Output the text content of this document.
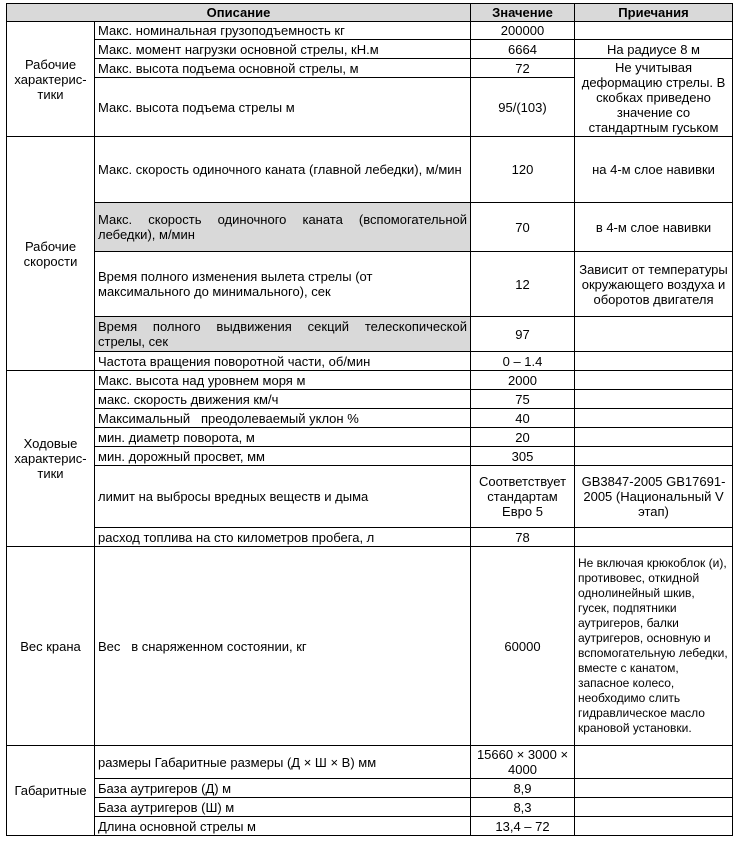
Описание		Значение	Приечания
Рабочие характерис-тики	Макс. номинальная грузоподъемность кг	200000	
	Макс. момент нагрузки основной стрелы, кН.м	6664	На радиусе 8 м
	Макс. высота подъема основной стрелы, м	72	Не учитывая деформацию стрелы. В скобках приведено значение со стандартным гуськом
	Макс. высота подъема стрелы м	95/(103)	
Рабочие скорости	Макс. скорость одиночного каната (главной лебедки), м/мин	120	на 4-м слое навивки
	Макс. скорость одиночного каната (вспомогательной лебедки), м/мин	70	в 4-м слое навивки
	Время полного изменения вылета стрелы (от максимального до минимального), сек	12	Зависит от температуры окружающего воздуха и оборотов двигателя
	Время полного выдвижения секций телескопической стрелы, сек	97	
	Частота вращения поворотной части, об/мин	0 – 1.4	
Ходовые характерис-тики	Макс. высота над уровнем моря м	2000	
	макс. скорость движения км/ч	75	
	Максимальный   преодолеваемый уклон %	40	
	мин. диаметр поворота, м	20	
	мин. дорожный просвет, мм	305	
	лимит на выбросы вредных веществ и дыма	Соответствует стандартам Евро 5	GB3847-2005 GB17691-2005 (Национальный V этап)
	расход топлива на сто километров пробега, л	78	
Вес крана	Вес   в снаряженном состоянии, кг	60000	Не включая крюкоблок (и), противовес, откидной однолинейный шкив, гусек, подпятники аутригеров, балки аутригеров, основную и вспомогательную лебедки, вместе с канатом, запасное колесо, необходимо слить гидравлическое масло крановой установки.
Габаритные	размеры Габаритные размеры (Д × Ш × В) мм	15660 × 3000 × 4000	
	База аутригеров (Д) м	8,9	
	База аутригеров (Ш) м	8,3	
	Длина основной стрелы м	13,4 – 72	
